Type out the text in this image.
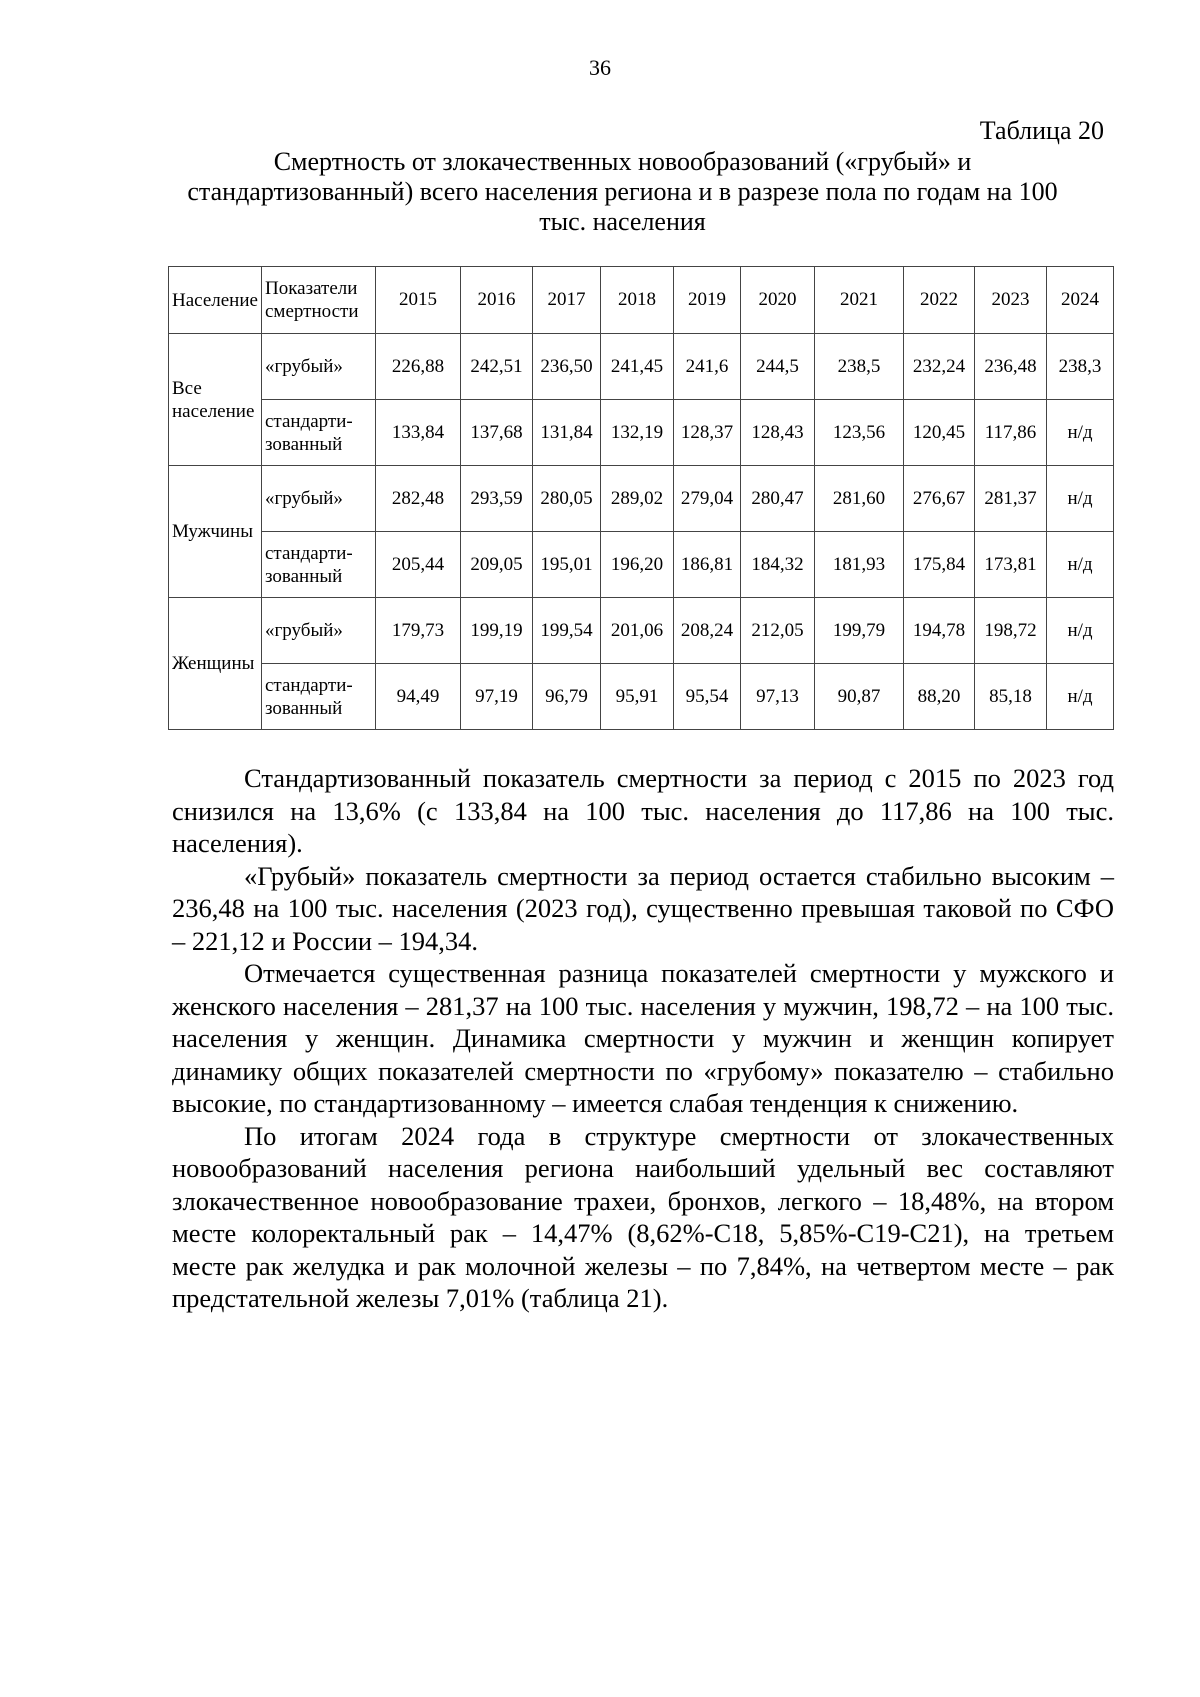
36
Таблица 20
Смертность от злокачественных новообразований («грубый» и стандартизованный) всего населения региона и в разрезе пола по годам на 100 тыс. населения
Население	Показатели смертности	2015	2016	2017	2018	2019	2020	2021	2022	2023	2024
Все население	«грубый»	226,88	242,51	236,50	241,45	241,6	244,5	238,5	232,24	236,48	238,3
	стандарти-зованный	133,84	137,68	131,84	132,19	128,37	128,43	123,56	120,45	117,86	н/д
Мужчины	«грубый»	282,48	293,59	280,05	289,02	279,04	280,47	281,60	276,67	281,37	н/д
	стандарти-зованный	205,44	209,05	195,01	196,20	186,81	184,32	181,93	175,84	173,81	н/д
Женщины	«грубый»	179,73	199,19	199,54	201,06	208,24	212,05	199,79	194,78	198,72	н/д
	стандарти-зованный	94,49	97,19	96,79	95,91	95,54	97,13	90,87	88,20	85,18	н/д

Стандартизованный показатель смертности за период с 2015 по 2023 год снизился на 13,6% (с 133,84 на 100 тыс. населения до 117,86 на 100 тыс. населения).

«Грубый» показатель смертности за период остается стабильно высоким – 236,48 на 100 тыс. населения (2023 год), существенно превышая таковой по СФО – 221,12 и России – 194,34.

Отмечается существенная разница показателей смертности у мужского и женского населения – 281,37 на 100 тыс. населения у мужчин, 198,72 – на 100 тыс. населения у женщин. Динамика смертности у мужчин и женщин копирует динамику общих показателей смертности по «грубому» показателю – стабильно высокие, по стандартизованному – имеется слабая тенденция к снижению.

По итогам 2024 года в структуре смертности от злокачественных новообразований населения региона наибольший удельный вес составляют злокачественное новообразование трахеи, бронхов, легкого – 18,48%, на втором месте колоректальный рак – 14,47% (8,62%-С18, 5,85%-С19-С21), на третьем месте рак желудка и рак молочной железы – по 7,84%, на четвертом месте – рак предстательной железы 7,01% (таблица 21).
